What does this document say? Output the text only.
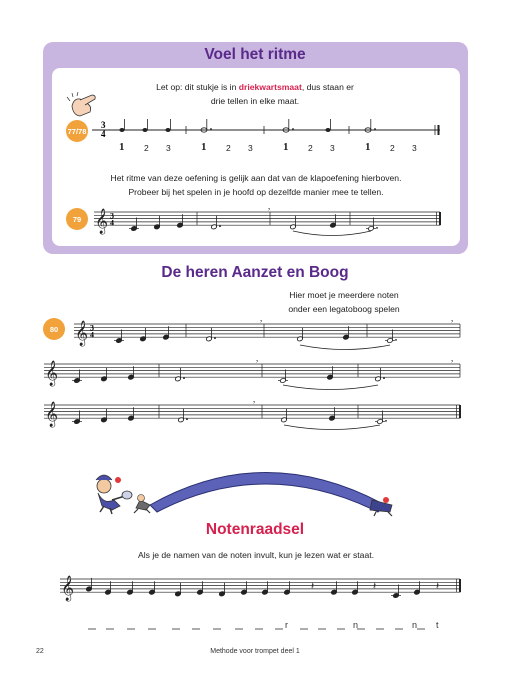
Voel het ritme
Let op: dit stukje is in driekwartsmaat, dus staan er
drie tellen in elke maat.
77/78
3
4
1 2 3	1 2 3	1 2 3	1 2 3
Het ritme van deze oefening is gelijk aan dat van de klapoefening hierboven.
Probeer bij het spelen in je hoofd op dezelfde manier mee te tellen.
79 𝄞 3
4
,
𝄞 3
4
,	,
𝄞
,	,
𝄞
,
𝄞	𝄽	𝄽	𝄽
De heren Aanzet en Boog
Hier moet je meerdere noten
onder een legatoboog spelen
80
Notenraadsel
Als je de namen van de noten invult, kun je lezen wat er staat.
r	n	n t
22	Methode voor trompet deel 1
